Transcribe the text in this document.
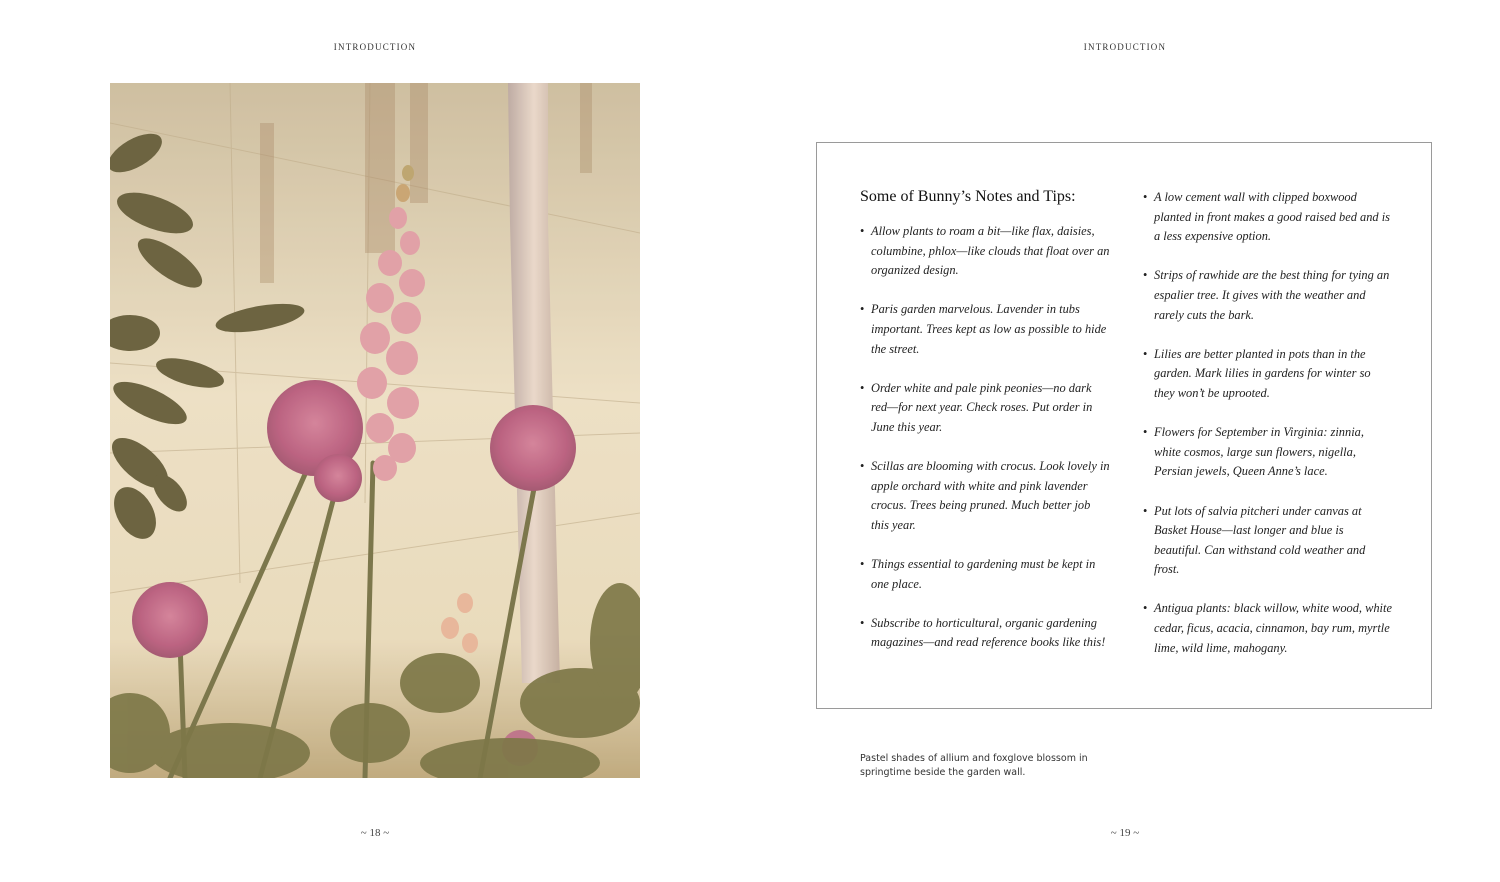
INTRODUCTION
~ 18 ~
INTRODUCTION
Some of Bunny’s Notes and Tips:
• Allow plants to roam a bit—like flax, daisies, columbine, phlox—like clouds that float over an organized design.
• Paris garden marvelous. Lavender in tubs important. Trees kept as low as possible to hide the street.
• Order white and pale pink peonies—no dark red—for next year. Check roses. Put order in June this year.
• Scillas are blooming with crocus. Look lovely in apple orchard with white and pink lavender crocus. Trees being pruned. Much better job this year.
• Things essential to gardening must be kept in one place.
• Subscribe to horticultural, organic gardening magazines—and read reference books like this!
• A low cement wall with clipped boxwood planted in front makes a good raised bed and is a less expensive option.
• Strips of rawhide are the best thing for tying an espalier tree. It gives with the weather and rarely cuts the bark.
• Lilies are better planted in pots than in the garden. Mark lilies in gardens for winter so they won’t be uprooted.
• Flowers for September in Virginia: zinnia, white cosmos, large sun flowers, nigella, Persian jewels, Queen Anne’s lace.
• Put lots of salvia pitcheri under canvas at Basket House—last longer and blue is beautiful. Can withstand cold weather and frost.
• Antigua plants: black willow, white wood, white cedar, ficus, acacia, cinnamon, bay rum, myrtle lime, wild lime, mahogany.
Pastel shades of allium and foxglove blossom in springtime beside the garden wall.
~ 19 ~
